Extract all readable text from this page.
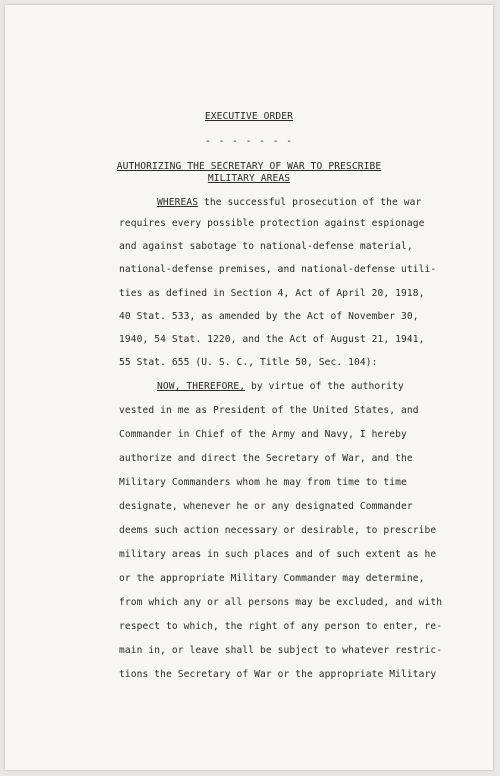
EXECUTIVE ORDER
- - - - - - -
AUTHORIZING THE SECRETARY OF WAR TO PRESCRIBE
MILITARY AREAS
WHEREAS the successful prosecution of the war
requires every possible protection against espionage
and against sabotage to national-defense material,
national-defense premises, and national-defense utili-
ties as defined in Section 4, Act of April 20, 1918,
40 Stat. 533, as amended by the Act of November 30,
1940, 54 Stat. 1220, and the Act of August 21, 1941,
55 Stat. 655 (U. S. C., Title 50, Sec. 104):
NOW, THEREFORE, by virtue of the authority
vested in me as President of the United States, and
Commander in Chief of the Army and Navy, I hereby
authorize and direct the Secretary of War, and the
Military Commanders whom he may from time to time
designate, whenever he or any designated Commander
deems such action necessary or desirable, to prescribe
military areas in such places and of such extent as he
or the appropriate Military Commander may determine,
from which any or all persons may be excluded, and with
respect to which, the right of any person to enter, re-
main in, or leave shall be subject to whatever restric-
tions the Secretary of War or the appropriate Military
